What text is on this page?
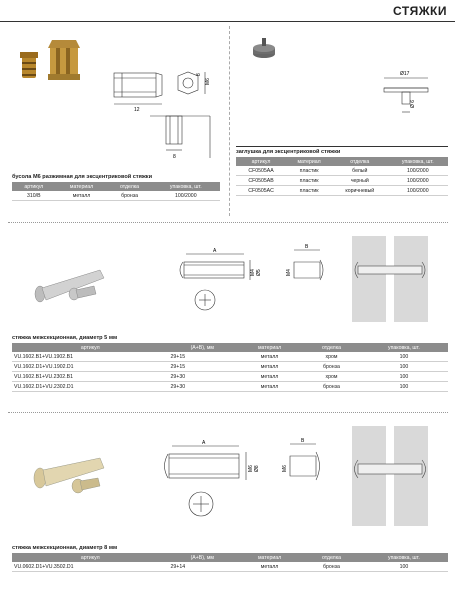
СТЯЖКИ
М6
8
12
8
бусола М6 разжимная для эксцентриковой стяжки
артикул	материал	отделка	упаковка, шт.
310/В	металл	бронза	100/2000
Ø17
Ø 6
заглушка для эксцентриковой стяжки
артикул	материал	отделка	упаковка, шт.
CF0505AA	пластик	белый	100/2000
CF0505AB	пластик	черный	100/2000
CF0505AC	пластик	коричневый	100/2000
A
B
M4 Ø5	M4
стяжка межсекционная, диаметр 5 мм
артикул	(A+B), мм	материал	отделка	упаковка, шт.
VU.1602.B1+VU.1902.B1	29+15	металл	хром	100
VU.1602.D1+VU.1902.D1	29+15	металл	бронза	100
VU.1602.B1+VU.2302.B1	29+30	металл	хром	100
VU.1602.D1+VU.2302.D1	29+30	металл	бронза	100
A	B
M6 Ø8	M6
стяжка межсекционная, диаметр 8 мм
артикул	(A+B), мм	материал	отделка	упаковка, шт.
VU.0602.D1+VU.3502.D1	29+14	металл	бронза	100
